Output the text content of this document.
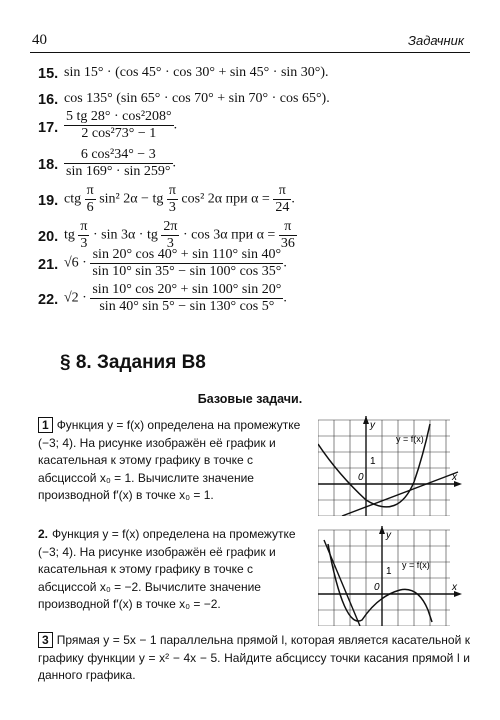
40	Задачник
15. sin 15° · (cos 45° · cos 30° + sin 45° · sin 30°).
16. cos 135° (sin 65° · cos 70° + sin 70° · cos 65°).
17. $\frac{\text{5 tg 28° · cos²208°}}{\text{2 cos²73° − 1}}$ .
18. $\frac{\text{6 cos²34° − 3}}{\sin 169^\circ \cdot \sin 259^\circ}$ .
19. ctg $\frac{\pi}{6} \sin^2$ 2α − tg $\frac{\pi}{3} \cos^2$ 2α при $\alpha = \frac{\pi}{24}$ .
20. tg $\frac{\pi}{3} \cdot \sin 3\alpha$ · tg $\frac{2\pi}{3} \cdot \cos 3\alpha$ при $\alpha = \frac{\pi}{36}$
21. $√6 \cdot \frac{\sin 20^\circ \cos 40^\circ + \sin 110^\circ \sin 40^\circ}{\sin 10^\circ \sin 35^\circ - \sin 100^\circ \cos 35^\circ}$ .
22. $√2 \cdot \frac{\sin 10^\circ \cos 20^\circ + \sin 100^\circ \sin 20^\circ}{\sin 40^\circ \sin 5^\circ - \sin 130^\circ \cos 5^\circ}$ .
§ 8. Задания B8
Базовые задачи.
1 Функция y = f(x) определена на промежутке (−3; 4). На рисунке изображён её график и касательная к этому графику в точке с абсциссой x₀ = 1. Вычислите значение производной f′(x) в точке x₀ = 1.
y
x
0
1
y = f(x)
2. Функция y = f(x) определена на промежутке (−3; 4). На рисунке изображён её график и касательная к этому графику в точке с абсциссой x₀ = −2. Вычислите значение производной f′(x) в точке x₀ = −2.
y
x
0
1
y = f(x)
3 Прямая y = 5x − 1 параллельна прямой l, которая является касательной к графику функции y = x² − 4x − 5. Найдите абсциссу точки касания прямой l и данного графика.
